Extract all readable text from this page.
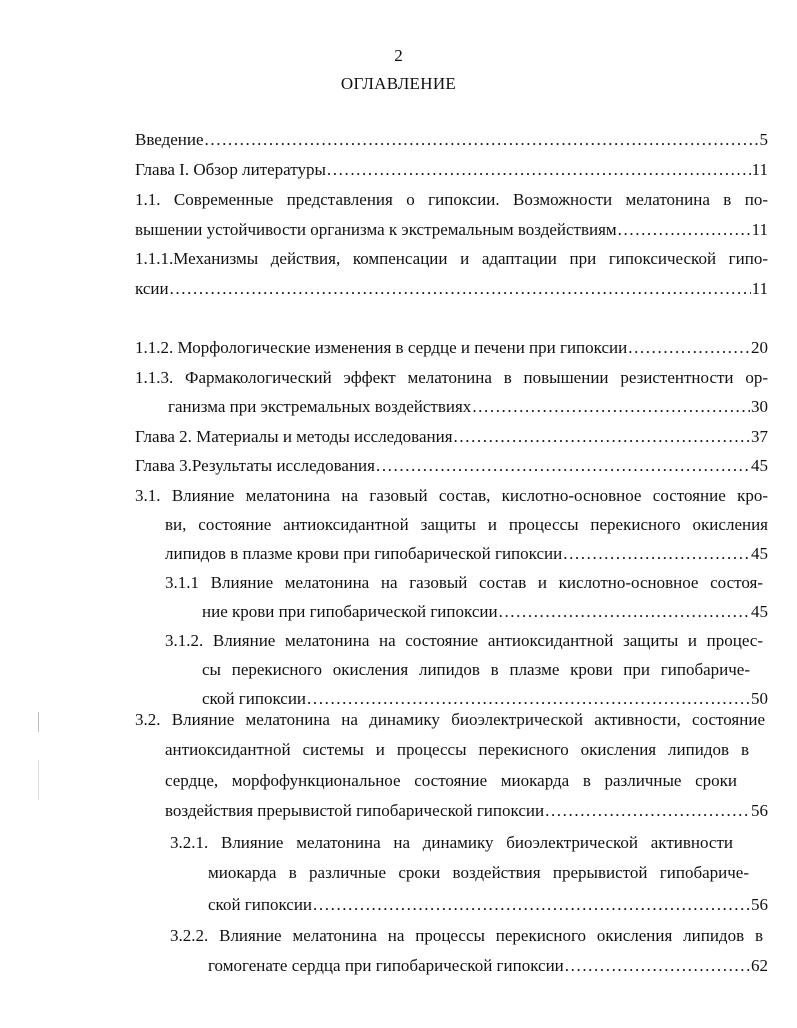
2
ОГЛАВЛЕНИЕ
Введение .....	5
Глава I. Обзор литературы .....	11
1.1. Современные представления о гипоксии. Возможности мелатонина в по-
вышении устойчивости организма к экстремальным воздействиям .....	11
1.1.1.Механизмы действия, компенсации и адаптации при гипоксической гипо-
ксии .....	11
1.1.2. Морфологические изменения в сердце и печени при гипоксии .....	20
1.1.3. Фармакологический эффект мелатонина в повышении резистентности ор-
ганизма при экстремальных воздействиях .....	30
Глава 2. Материалы и методы исследования .....	37
Глава 3.Результаты исследования .....	45
3.1. Влияние мелатонина на газовый состав, кислотно-основное состояние кро-
ви, состояние антиоксидантной защиты и процессы перекисного окисления
липидов в плазме крови при гипобарической гипоксии .....	45
3.1.1 Влияние мелатонина на газовый состав и кислотно-основное состоя-
ние крови при гипобарической гипоксии .....	45
3.1.2. Влияние мелатонина на состояние антиоксидантной защиты и процес-
сы перекисного окисления липидов в плазме крови при гипобариче-
ской гипоксии .....	50
3.2. Влияние мелатонина на динамику биоэлектрической активности, состояние
антиоксидантной системы и процессы перекисного окисления липидов в
сердце, морфофункциональное состояние миокарда в различные сроки
воздействия прерывистой гипобарической гипоксии .....	56
3.2.1. Влияние мелатонина на динамику биоэлектрической активности
миокарда в различные сроки воздействия прерывистой гипобариче-
ской гипоксии .....	56
3.2.2. Влияние мелатонина на процессы перекисного окисления липидов в
гомогенате сердца при гипобарической гипоксии .....	62
